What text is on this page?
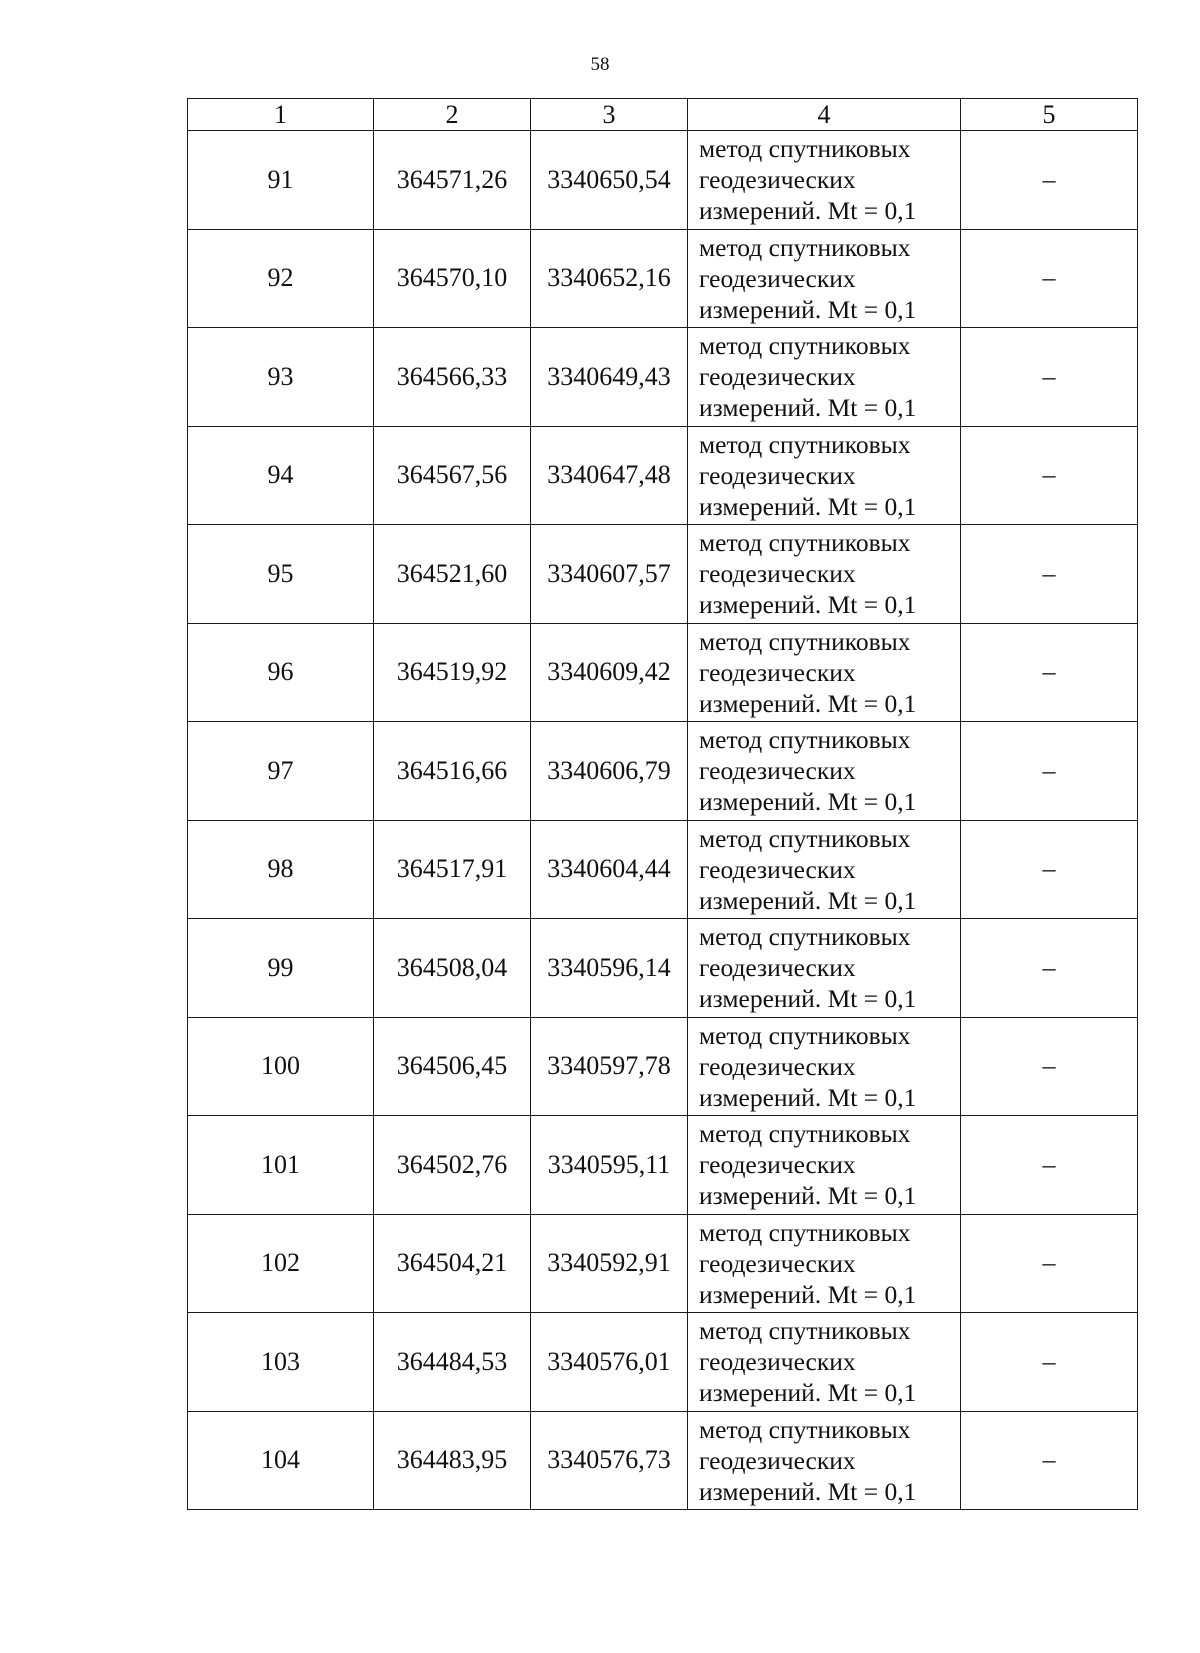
58
1	2	3	4	5
91	364571,26	3340650,54	метод спутниковых
геодезических
измерений. Mt = 0,1	–
92	364570,10	3340652,16	метод спутниковых
геодезических
измерений. Mt = 0,1	–
93	364566,33	3340649,43	метод спутниковых
геодезических
измерений. Mt = 0,1	–
94	364567,56	3340647,48	метод спутниковых
геодезических
измерений. Mt = 0,1	–
95	364521,60	3340607,57	метод спутниковых
геодезических
измерений. Mt = 0,1	–
96	364519,92	3340609,42	метод спутниковых
геодезических
измерений. Mt = 0,1	–
97	364516,66	3340606,79	метод спутниковых
геодезических
измерений. Mt = 0,1	–
98	364517,91	3340604,44	метод спутниковых
геодезических
измерений. Mt = 0,1	–
99	364508,04	3340596,14	метод спутниковых
геодезических
измерений. Mt = 0,1	–
100	364506,45	3340597,78	метод спутниковых
геодезических
измерений. Mt = 0,1	–
101	364502,76	3340595,11	метод спутниковых
геодезических
измерений. Mt = 0,1	–
102	364504,21	3340592,91	метод спутниковых
геодезических
измерений. Mt = 0,1	–
103	364484,53	3340576,01	метод спутниковых
геодезических
измерений. Mt = 0,1	–
104	364483,95	3340576,73	метод спутниковых
геодезических
измерений. Mt = 0,1	–
